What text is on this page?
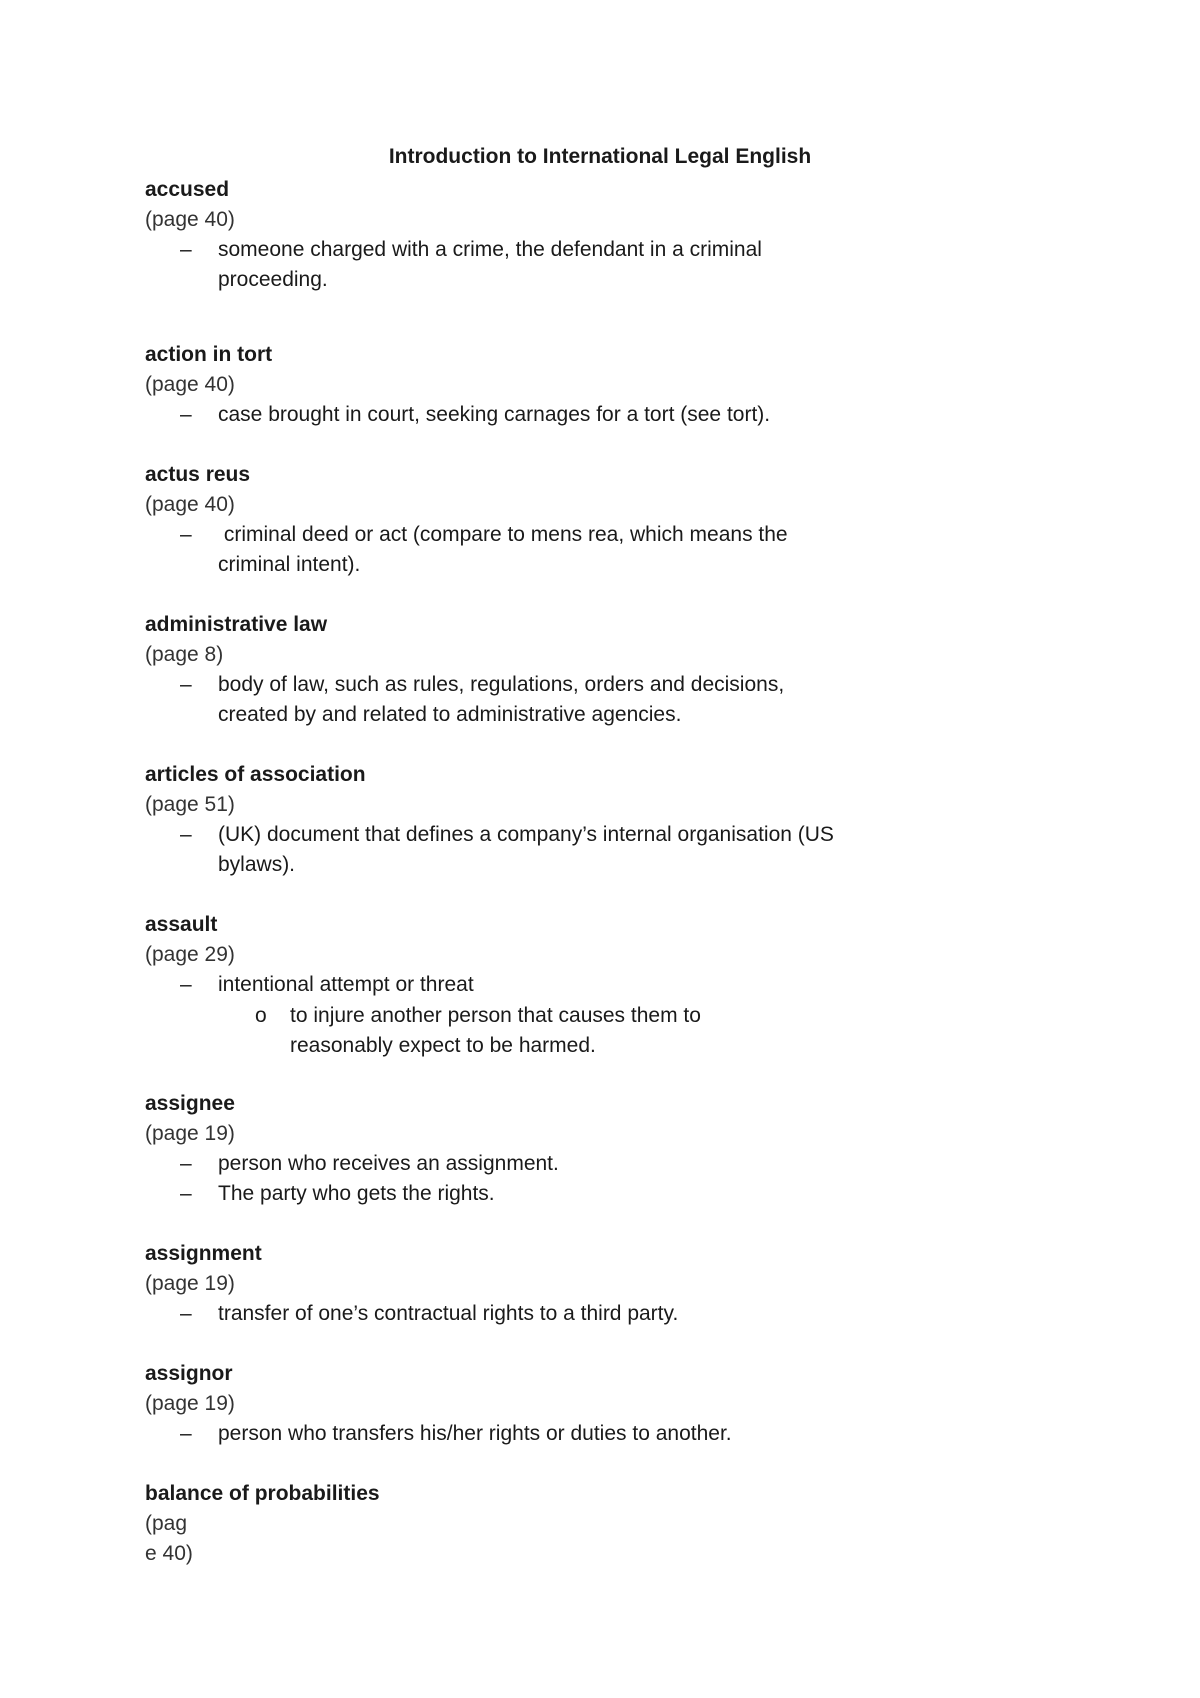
Introduction to International Legal English
accused
(page 40)
– someone charged with a crime, the defendant in a criminal proceeding.
action in tort
(page 40)
– case brought in court, seeking carnages for a tort (see tort).
actus reus
(page 40)
– criminal deed or act (compare to mens rea, which means the criminal intent).
administrative law
(page 8)
– body of law, such as rules, regulations, orders and decisions, created by and related to administrative agencies.
articles of association
(page 51)
– (UK) document that defines a company’s internal organisation (US bylaws).
assault
(page 29)
– intentional attempt or threat
o to injure another person that causes them to reasonably expect to be harmed.
assignee
(page 19)
– person who receives an assignment.
– The party who gets the rights.
assignment
(page 19)
– transfer of one’s contractual rights to a third party.
assignor
(page 19)
– person who transfers his/her rights or duties to another.
balance of probabilities
(pag
e 40)
